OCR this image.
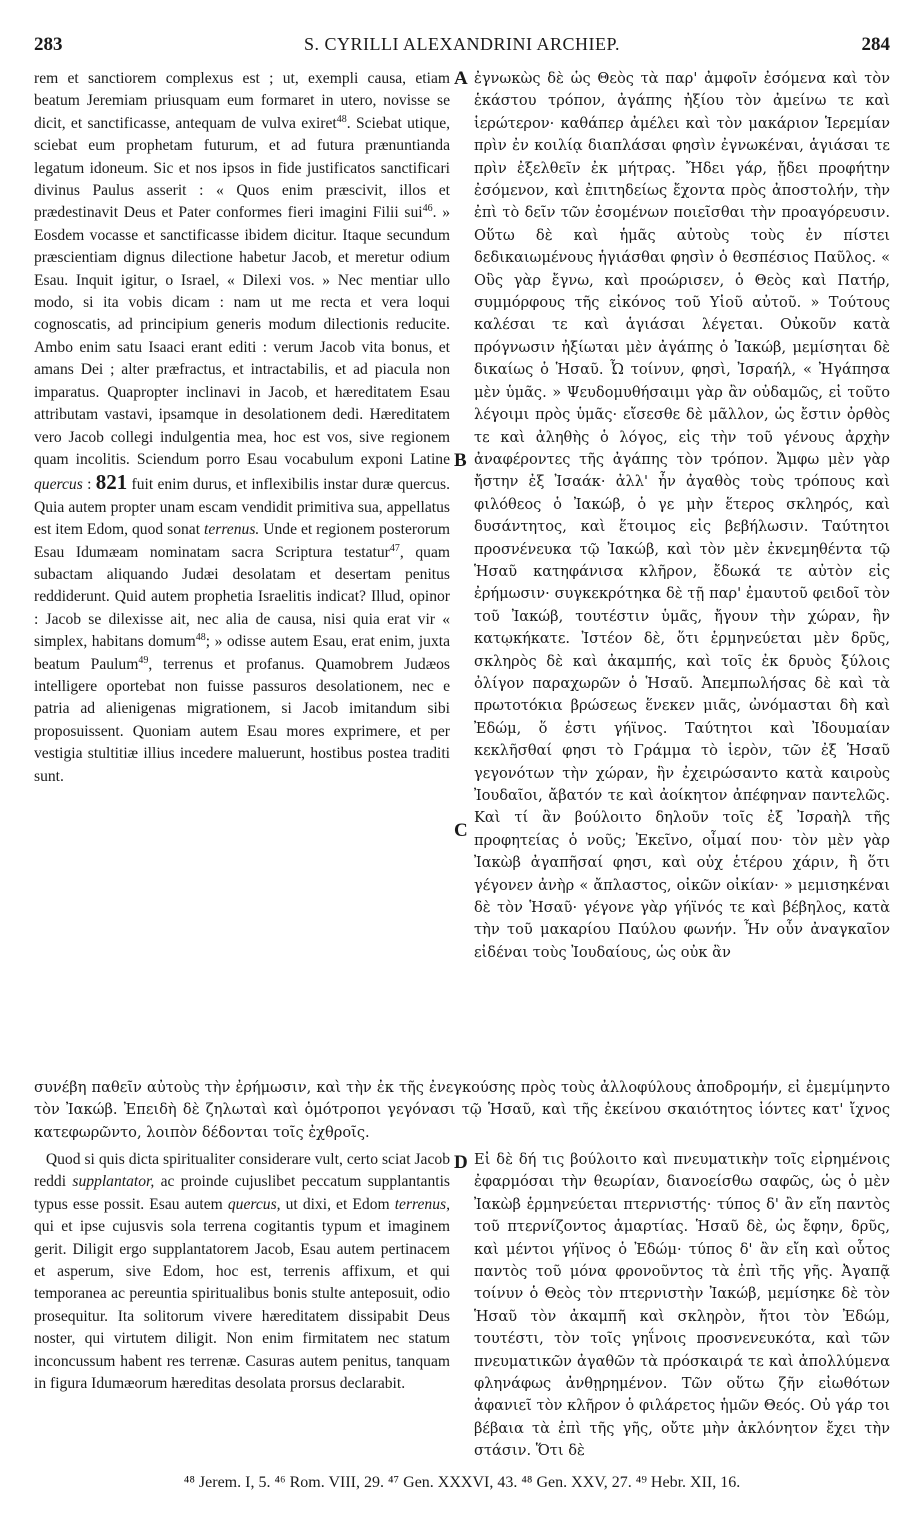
283	S. CYRILLI ALEXANDRINI ARCHIEP.	284
A
B
C
D

rem et sanctiorem complexus est ; ut, exempli causa, etiam beatum Jeremiam priusquam eum formaret in utero, novisse se dicit, et sanctificasse, antequam de vulva exiret$^{48}$. Sciebat utique, sciebat eum prophetam futurum, et ad futura prænuntianda legatum idoneum. Sic et nos ipsos in fide justificatos sanctificari divinus Paulus asserit : « Quos enim præscivit, illos et prædestinavit Deus et Pater conformes fieri imagini Filii sui$^{46}$. » Eosdem vocasse et sanctificasse ibidem dicitur. Itaque secundum præscientiam dignus dilectione habetur Jacob, et meretur odium Esau. Inquit igitur, o Israel, « Dilexi vos. » Nec mentiar ullo modo, si ita vobis dicam : nam ut me recta et vera loqui cognoscatis, ad principium generis modum dilectionis reducite. Ambo enim satu Isaaci erant editi : verum Jacob vita bonus, et amans Dei ; alter præfractus, et intractabilis, et ad piacula non imparatus. Quapropter inclinavi in Jacob, et hæreditatem Esau attributam vastavi, ipsamque in desolationem dedi. Hæreditatem vero Jacob collegi indulgentia mea, hoc est vos, sive regionem quam incolitis. Sciendum porro Esau vocabulum exponi Latine quercus : 821 fuit enim durus, et inflexibilis instar duræ quercus. Quia autem propter unam escam vendidit primitiva sua, appellatus est item Edom, quod sonat terrenus. Unde et regionem posterorum Esau Idumæam nominatam sacra Scriptura testatur$^{47}$, quam subactam aliquando Judæi desolatam et desertam penitus reddiderunt. Quid autem prophetia Israelitis indicat? Illud, opinor : Jacob se dilexisse ait, nec alia de causa, nisi quia erat vir « simplex, habitans domum$^{48}$; » odisse autem Esau, erat enim, juxta beatum Paulum$^{49}$, terrenus et profanus. Quamobrem Judæos intelligere oportebat non fuisse passuros desolationem, nec e patria ad alienigenas migrationem, si Jacob imitandum sibi proposuissent. Quoniam autem Esau mores exprimere, et per vestigia stultitiæ illius incedere maluerunt, hostibus postea traditi sunt.

ἐγνωκὼς δὲ ὡς Θεὸς τὰ παρ' ἀμφοῖν ἐσόμενα καὶ τὸν ἑκάστου τρόπον, ἀγάπης ἠξίου τὸν ἀμείνω τε καὶ ἱερώτερον· καθάπερ ἀμέλει καὶ τὸν μακάριον Ἱερεμίαν πρὶν ἐν κοιλίᾳ διαπλάσαι φησὶν ἐγνωκέναι, ἁγιάσαι τε πρὶν ἐξελθεῖν ἐκ μήτρας. Ἤδει γάρ, ᾔδει προφήτην ἐσόμενον, καὶ ἐπιτηδείως ἔχοντα πρὸς ἀποστολήν, τὴν ἐπὶ τὸ δεῖν τῶν ἐσομένων ποιεῖσθαι τὴν προαγόρευσιν. Οὕτω δὲ καὶ ἡμᾶς αὐτοὺς τοὺς ἐν πίστει δεδικαιωμένους ἡγιάσθαι φησὶν ὁ θεσπέσιος Παῦλος. « Οὓς γὰρ ἔγνω, καὶ προώρισεν, ὁ Θεὸς καὶ Πατήρ, συμμόρφους τῆς εἰκόνος τοῦ Υἱοῦ αὐτοῦ. » Τούτους καλέσαι τε καὶ ἁγιάσαι λέγεται. Οὐκοῦν κατὰ πρόγνωσιν ἠξίωται μὲν ἀγάπης ὁ Ἰακώβ, μεμίσηται δὲ δικαίως ὁ Ἡσαῦ. Ὦ τοίνυν, φησὶ, Ἰσραήλ, « Ἠγάπησα μὲν ὑμᾶς. » Ψευδομυθήσαιμι γὰρ ἂν οὐδαμῶς, εἰ τοῦτο λέγοιμι πρὸς ὑμᾶς· εἴσεσθε δὲ μᾶλλον, ὡς ἔστιν ὀρθὸς τε καὶ ἀληθὴς ὁ λόγος, εἰς τὴν τοῦ γένους ἀρχὴν ἀναφέροντες τῆς ἀγάπης τὸν τρόπον. Ἄμφω μὲν γὰρ ἤστην ἐξ Ἰσαάκ· ἀλλ' ἦν ἀγαθὸς τοὺς τρόπους καὶ φιλόθεος ὁ Ἰακώβ, ὁ γε μὴν ἕτερος σκληρός, καὶ δυσάντητος, καὶ ἕτοιμος εἰς βεβήλωσιν. Ταύτητοι προσνένευκα τῷ Ἰακώβ, καὶ τὸν μὲν ἐκνεμηθέντα τῷ Ἡσαῦ κατηφάνισα κλῆρον, ἔδωκά τε αὐτὸν εἰς ἐρήμωσιν· συγκεκρότηκα δὲ τῇ παρ' ἐμαυτοῦ φειδοῖ τὸν τοῦ Ἰακώβ, τουτέστιν ὑμᾶς, ἤγουν τὴν χώραν, ἣν κατῳκήκατε. Ἰστέον δὲ, ὅτι ἑρμηνεύεται μὲν δρῦς, σκληρὸς δὲ καὶ ἀκαμπής, καὶ τοῖς ἐκ δρυὸς ξύλοις ὀλίγον παραχωρῶν ὁ Ἡσαῦ. Ἀπεμπωλήσας δὲ καὶ τὰ πρωτοτόκια βρώσεως ἕνεκεν μιᾶς, ὠνόμασται δὴ καὶ Ἐδώμ, ὅ ἐστι γήϊνος. Ταύτητοι καὶ Ἰδουμαίαν κεκλῆσθαί φησι τὸ Γράμμα τὸ ἱερὸν, τῶν ἐξ Ἡσαῦ γεγονότων τὴν χώραν, ἣν ἐχειρώσαντο κατὰ καιροὺς Ἰουδαῖοι, ἄβατόν τε καὶ ἀοίκητον ἀπέφηναν παντελῶς. Καὶ τί ἂν βούλοιτο δηλοῦν τοῖς ἐξ Ἰσραὴλ τῆς προφητείας ὁ νοῦς; Ἐκεῖνο, οἶμαί που· τὸν μὲν γὰρ Ἰακὼβ ἀγαπῆσαί φησι, καὶ οὐχ ἑτέρου χάριν, ἢ ὅτι γέγονεν ἀνὴρ « ἄπλαστος, οἰκῶν οἰκίαν· » μεμισηκέναι δὲ τὸν Ἡσαῦ· γέγονε γὰρ γήϊνός τε καὶ βέβηλος, κατὰ τὴν τοῦ μακαρίου Παύλου φωνήν. Ἦν οὖν ἀναγκαῖον εἰδέναι τοὺς Ἰουδαίους, ὡς οὐκ ἂν

συνέβη παθεῖν αὐτοὺς τὴν ἐρήμωσιν, καὶ τὴν ἐκ τῆς ἐνεγκούσης πρὸς τοὺς ἀλλοφύλους ἀποδρομήν, εἰ ἐμεμίμηντο τὸν Ἰακώβ. Ἐπειδὴ δὲ ζηλωταὶ καὶ ὁμότροποι γεγόνασι τῷ Ἡσαῦ, καὶ τῆς ἐκείνου σκαιότητος ἰόντες κατ' ἴχνος κατεφωρῶντο, λοιπὸν δέδονται τοῖς ἐχθροῖς.

Quod si quis dicta spiritualiter considerare vult, certo sciat Jacob reddi supplantator, ac proinde cujuslibet peccatum supplantantis typus esse possit. Esau autem quercus, ut dixi, et Edom terrenus, qui et ipse cujusvis sola terrena cogitantis typum et imaginem gerit. Diligit ergo supplantatorem Jacob, Esau autem pertinacem et asperum, sive Edom, hoc est, terrenis affixum, et qui temporanea ac pereuntia spiritualibus bonis stulte anteposuit, odio prosequitur. Ita solitorum vivere hæreditatem dissipabit Deus noster, qui virtutem diligit. Non enim firmitatem nec statum inconcussum habent res terrenæ. Casuras autem penitus, tanquam in figura Idumæorum hæreditas desolata prorsus declarabit.

Εἰ δὲ δή τις βούλοιτο καὶ πνευματικὴν τοῖς εἰρημένοις ἐφαρμόσαι τὴν θεωρίαν, διανοείσθω σαφῶς, ὡς ὁ μὲν Ἰακὼβ ἑρμηνεύεται πτερνιστής· τύπος δ' ἂν εἴη παντὸς τοῦ πτερνίζοντος ἁμαρτίας. Ἡσαῦ δὲ, ὡς ἔφην, δρῦς, καὶ μέντοι γήϊνος ὁ Ἐδώμ· τύπος δ' ἂν εἴη καὶ οὗτος παντὸς τοῦ μόνα φρονοῦντος τὰ ἐπὶ τῆς γῆς. Ἀγαπᾷ τοίνυν ὁ Θεὸς τὸν πτερνιστὴν Ἰακώβ, μεμίσηκε δὲ τὸν Ἡσαῦ τὸν ἀκαμπῆ καὶ σκληρὸν, ἤτοι τὸν Ἐδώμ, τουτέστι, τὸν τοῖς γηΐνοις προσνενευκότα, καὶ τῶν πνευματικῶν ἀγαθῶν τὰ πρόσκαιρά τε καὶ ἀπολλύμενα φληνάφως ἀνθῃρημένον. Τῶν οὕτω ζῆν εἰωθότων ἀφανιεῖ τὸν κλῆρον ὁ φιλάρετος ἡμῶν Θεός. Οὐ γάρ τοι βέβαια τὰ ἐπὶ τῆς γῆς, οὔτε μὴν ἀκλόνητον ἔχει τὴν στάσιν. Ὅτι δὲ

⁴⁸ Jerem. I, 5. ⁴⁶ Rom. VIII, 29. ⁴⁷ Gen. XXXVI, 43. ⁴⁸ Gen. XXV, 27. ⁴⁹ Hebr. XII, 16.
